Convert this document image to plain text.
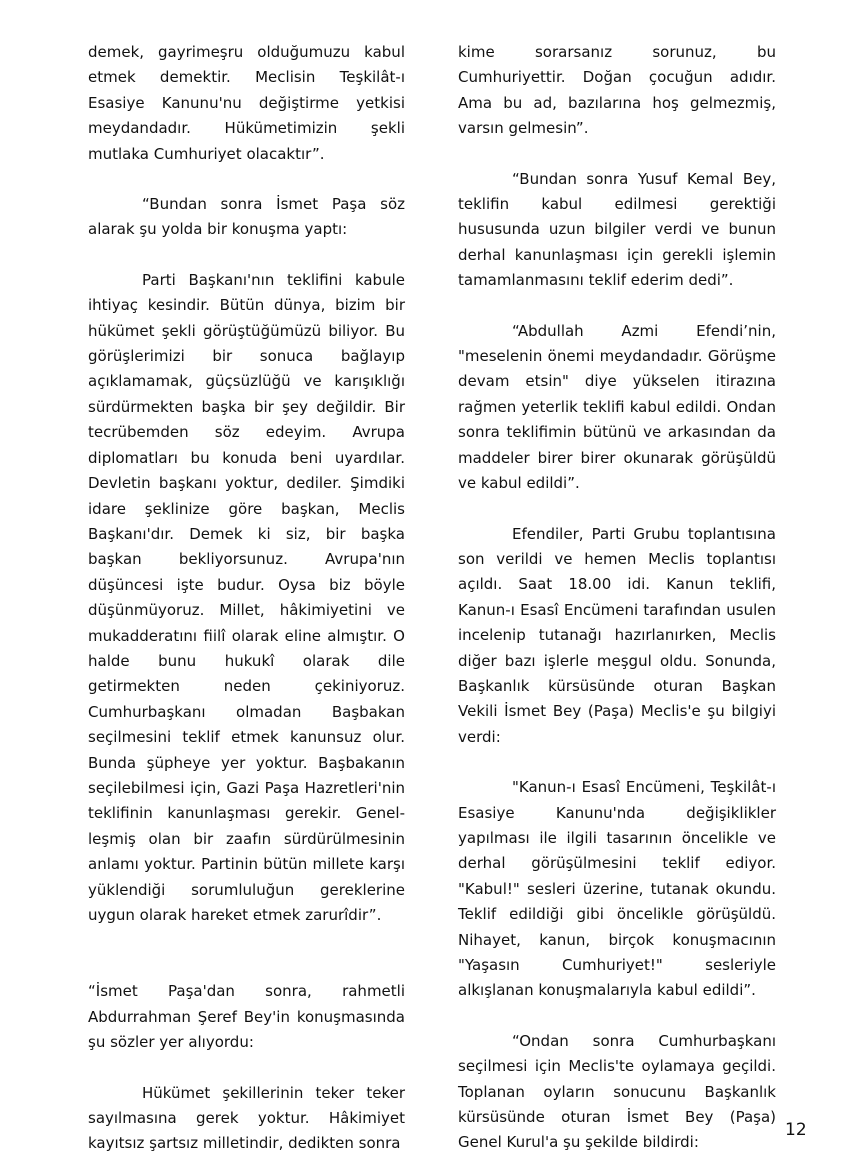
demek, gayrimeşru olduğumuzu kabul etmek demektir. Meclisin Teşkilât-ı Esasiye Kanunu'nu değiştirme yetkisi meydandadır. Hükümetimizin şekli mutlaka Cumhuriyet olacaktır”.

“Bundan sonra İsmet Paşa söz alarak şu yolda bir konuşma yaptı:

Parti Başkanı'nın teklifini kabule ihtiyaç kesindir. Bütün dünya, bizim bir hükümet şekli görüştüğümüzü biliyor. Bu görüşlerimizi bir sonuca bağlayıp açıklamamak, güçsüzlüğü ve karışıklığı sürdürmekten başka bir şey değildir. Bir tecrübemden söz edeyim. Avrupa diplomatları bu konuda beni uyardılar. Devletin başkanı yoktur, dediler. Şimdiki idare şeklinize göre başkan, Meclis Başkanı'dır. Demek ki siz, bir başka başkan bekliyorsunuz. Avrupa'nın düşüncesi işte budur. Oysa biz böyle düşünmüyoruz. Millet, hâkimiyetini ve mukadderatını fiilî olarak eline almıştır. O halde bunu hukukî olarak dile getirmekten neden çekiniyoruz. Cumhurbaşkanı olmadan Başbakan seçilmesini teklif etmek kanunsuz olur. Bunda şüpheye yer yoktur. Başbakanın seçilebilmesi için, Gazi Paşa Hazretleri'nin teklifinin kanunlaşması gerekir. Genel-leşmiş olan bir zaafın sürdürülmesinin anlamı yoktur. Partinin bütün millete karşı yüklendiği sorumluluğun gereklerine uygun olarak hareket etmek zarurîdir”.

“İsmet Paşa'dan sonra, rahmetli Abdurrahman Şeref Bey'in konuşmasında şu sözler yer alıyordu:

Hükümet şekillerinin teker teker sayılmasına gerek yoktur. Hâkimiyet kayıtsız şartsız milletindir, dedikten sonra

kime sorarsanız sorunuz, bu Cumhuriyettir. Doğan çocuğun adıdır. Ama bu ad, bazılarına hoş gelmezmiş, varsın gelmesin”.

“Bundan sonra Yusuf Kemal Bey, teklifin kabul edilmesi gerektiği hususunda uzun bilgiler verdi ve bunun derhal kanunlaşması için gerekli işlemin tamamlanmasını teklif ederim dedi”.

“Abdullah Azmi Efendi’nin, "meselenin önemi meydandadır. Görüşme devam etsin" diye yükselen itirazına rağmen yeterlik teklifi kabul edildi. Ondan sonra teklifimin bütünü ve arkasından da maddeler birer birer okunarak görüşüldü ve kabul edildi”.

Efendiler, Parti Grubu toplantısına son verildi ve hemen Meclis toplantısı açıldı. Saat 18.00 idi. Kanun teklifi, Kanun-ı Esasî Encümeni tarafından usulen incelenip tutanağı hazırlanırken, Meclis diğer bazı işlerle meşgul oldu. Sonunda, Başkanlık kürsüsünde oturan Başkan Vekili İsmet Bey (Paşa) Meclis'e şu bilgiyi verdi:

"Kanun-ı Esasî Encümeni, Teşkilât-ı Esasiye Kanunu'nda değişiklikler yapılması ile ilgili tasarının öncelikle ve derhal görüşülmesini teklif ediyor. "Kabul!" sesleri üzerine, tutanak okundu. Teklif edildiği gibi öncelikle görüşüldü. Nihayet, kanun, birçok konuşmacının "Yaşasın Cumhuriyet!" sesleriyle alkışlanan konuşmalarıyla kabul edildi”.

“Ondan sonra Cumhurbaşkanı seçilmesi için Meclis'te oylamaya geçildi. Toplanan oyların sonucunu Başkanlık kürsüsünde oturan İsmet Bey (Paşa) Genel Kurul'a şu şekilde bildirdi:

12
